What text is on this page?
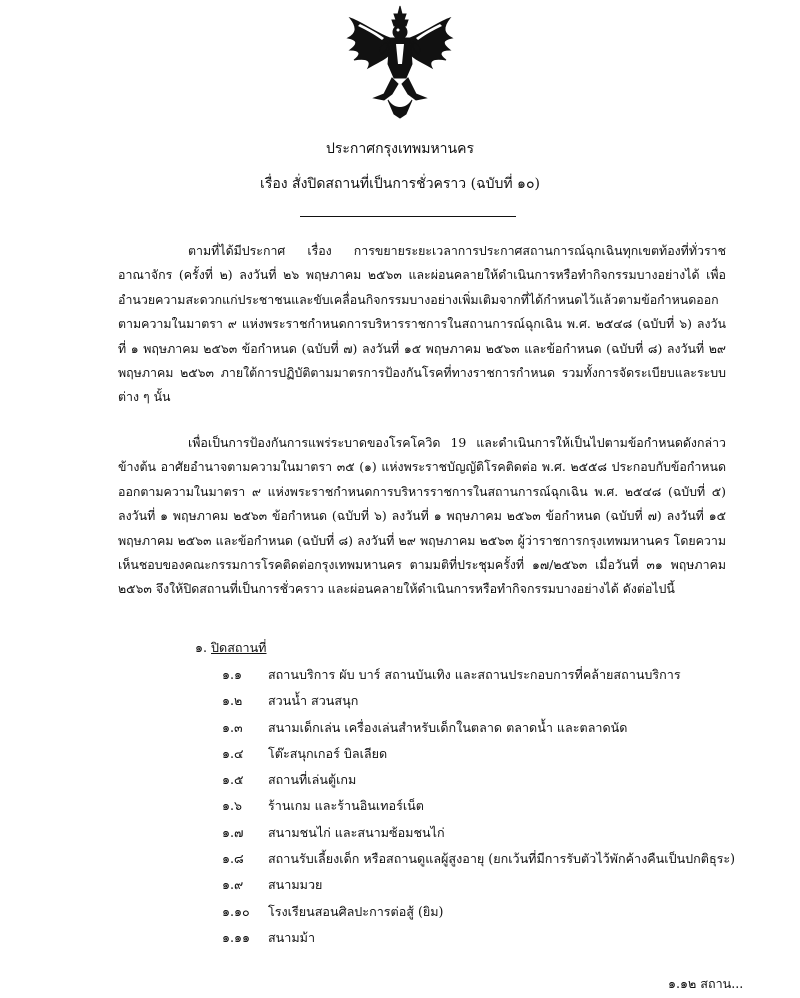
ประกาศกรุงเทพมหานคร
เรื่อง สั่งปิดสถานที่เป็นการชั่วคราว (ฉบับที่ ๑๐)
ตามที่ได้มีประกาศ เรื่อง การขยายระยะเวลาการประกาศสถานการณ์ฉุกเฉินทุกเขตท้องที่ทั่วราชอาณาจักร (ครั้งที่ ๒) ลงวันที่ ๒๖ พฤษภาคม ๒๕๖๓ และผ่อนคลายให้ดำเนินการหรือทำกิจกรรมบางอย่างได้ เพื่ออำนวยความสะดวกแก่ประชาชนและขับเคลื่อนกิจกรรมบางอย่างเพิ่มเติมจากที่ได้กำหนดไว้แล้วตามข้อกำหนดออกตามความในมาตรา ๙ แห่งพระราชกำหนดการบริหารราชการในสถานการณ์ฉุกเฉิน พ.ศ. ๒๕๔๘ (ฉบับที่ ๖) ลงวันที่ ๑ พฤษภาคม ๒๕๖๓ ข้อกำหนด (ฉบับที่ ๗) ลงวันที่ ๑๕ พฤษภาคม ๒๕๖๓ และข้อกำหนด (ฉบับที่ ๘) ลงวันที่ ๒๙ พฤษภาคม ๒๕๖๓ ภายใต้การปฏิบัติตามมาตรการป้องกันโรคที่ทางราชการกำหนด รวมทั้งการจัดระเบียบและระบบต่าง ๆ นั้น
เพื่อเป็นการป้องกันการแพร่ระบาดของโรคโควิด 19 และดำเนินการให้เป็นไปตามข้อกำหนดดังกล่าวข้างต้น อาศัยอำนาจตามความในมาตรา ๓๕ (๑) แห่งพระราชบัญญัติโรคติดต่อ พ.ศ. ๒๕๕๘ ประกอบกับข้อกำหนดออกตามความในมาตรา ๙ แห่งพระราชกำหนดการบริหารราชการในสถานการณ์ฉุกเฉิน พ.ศ. ๒๕๔๘ (ฉบับที่ ๕) ลงวันที่ ๑ พฤษภาคม ๒๕๖๓ ข้อกำหนด (ฉบับที่ ๖) ลงวันที่ ๑ พฤษภาคม ๒๕๖๓ ข้อกำหนด (ฉบับที่ ๗) ลงวันที่ ๑๕ พฤษภาคม ๒๕๖๓ และข้อกำหนด (ฉบับที่ ๘) ลงวันที่ ๒๙ พฤษภาคม ๒๕๖๓ ผู้ว่าราชการกรุงเทพมหานคร โดยความเห็นชอบของคณะกรรมการโรคติดต่อกรุงเทพมหานคร ตามมติที่ประชุมครั้งที่ ๑๗/๒๕๖๓ เมื่อวันที่ ๓๑ พฤษภาคม ๒๕๖๓ จึงให้ปิดสถานที่เป็นการชั่วคราว และผ่อนคลายให้ดำเนินการหรือทำกิจกรรมบางอย่างได้ ดังต่อไปนี้
๑. ปิดสถานที่
๑.๑ สถานบริการ ผับ บาร์ สถานบันเทิง และสถานประกอบการที่คล้ายสถานบริการ
๑.๒ สวนน้ำ สวนสนุก
๑.๓ สนามเด็กเล่น เครื่องเล่นสำหรับเด็กในตลาด ตลาดน้ำ และตลาดนัด
๑.๔ โต๊ะสนุกเกอร์ บิลเลียด
๑.๕ สถานที่เล่นตู้เกม
๑.๖ ร้านเกม และร้านอินเทอร์เน็ต
๑.๗ สนามชนไก่ และสนามซ้อมชนไก่
๑.๘ สถานรับเลี้ยงเด็ก หรือสถานดูแลผู้สูงอายุ (ยกเว้นที่มีการรับตัวไว้พักค้างคืนเป็นปกติธุระ)
๑.๙ สนามมวย
๑.๑๐ โรงเรียนสอนศิลปะการต่อสู้ (ยิม)
๑.๑๑ สนามม้า
๑.๑๒ สถาน...
